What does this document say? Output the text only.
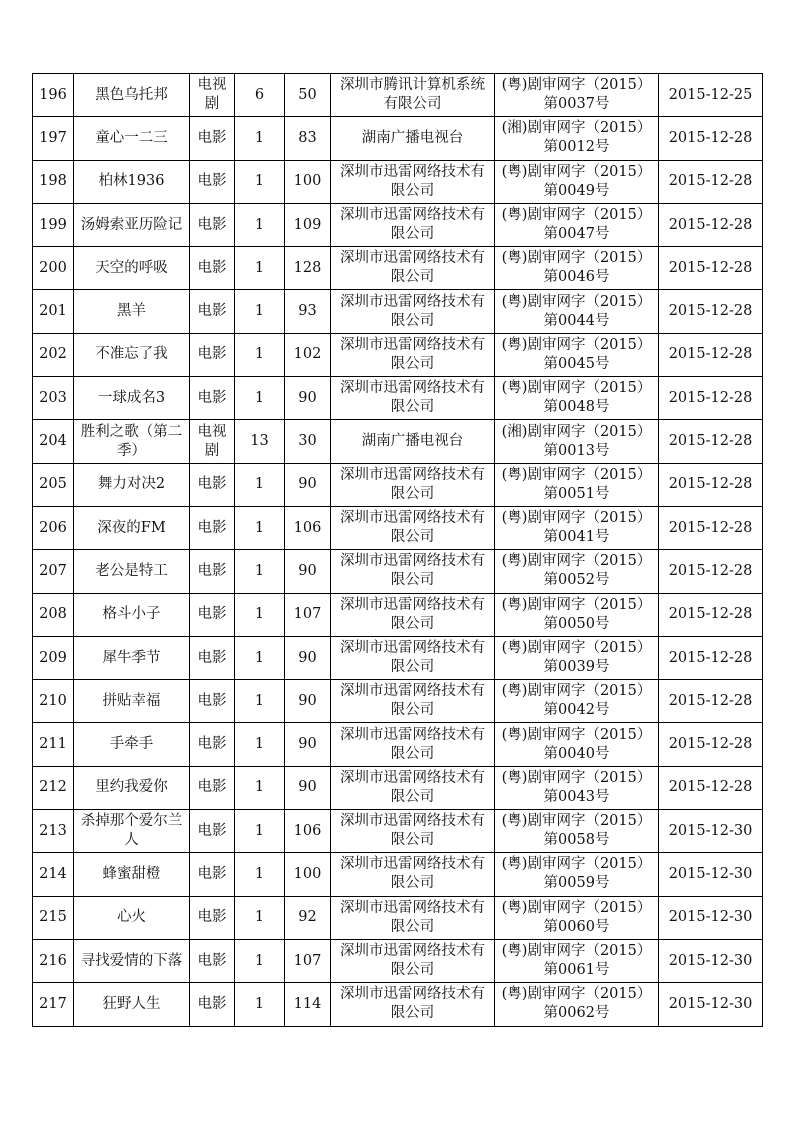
196	黑色乌托邦	电视剧	6	50	深圳市腾讯计算机系统有限公司	(粤)剧审网字（2015）第0037号	2015-12-25
197	童心一二三	电影	1	83	湖南广播电视台	(湘)剧审网字（2015）第0012号	2015-12-28
198	柏林1936	电影	1	100	深圳市迅雷网络技术有限公司	(粤)剧审网字（2015）第0049号	2015-12-28
199	汤姆索亚历险记	电影	1	109	深圳市迅雷网络技术有限公司	(粤)剧审网字（2015）第0047号	2015-12-28
200	天空的呼吸	电影	1	128	深圳市迅雷网络技术有限公司	(粤)剧审网字（2015）第0046号	2015-12-28
201	黑羊	电影	1	93	深圳市迅雷网络技术有限公司	(粤)剧审网字（2015）第0044号	2015-12-28
202	不准忘了我	电影	1	102	深圳市迅雷网络技术有限公司	(粤)剧审网字（2015）第0045号	2015-12-28
203	一球成名3	电影	1	90	深圳市迅雷网络技术有限公司	(粤)剧审网字（2015）第0048号	2015-12-28
204	胜利之歌（第二季）	电视剧	13	30	湖南广播电视台	(湘)剧审网字（2015）第0013号	2015-12-28
205	舞力对决2	电影	1	90	深圳市迅雷网络技术有限公司	(粤)剧审网字（2015）第0051号	2015-12-28
206	深夜的FM	电影	1	106	深圳市迅雷网络技术有限公司	(粤)剧审网字（2015）第0041号	2015-12-28
207	老公是特工	电影	1	90	深圳市迅雷网络技术有限公司	(粤)剧审网字（2015）第0052号	2015-12-28
208	格斗小子	电影	1	107	深圳市迅雷网络技术有限公司	(粤)剧审网字（2015）第0050号	2015-12-28
209	犀牛季节	电影	1	90	深圳市迅雷网络技术有限公司	(粤)剧审网字（2015）第0039号	2015-12-28
210	拼贴幸福	电影	1	90	深圳市迅雷网络技术有限公司	(粤)剧审网字（2015）第0042号	2015-12-28
211	手牵手	电影	1	90	深圳市迅雷网络技术有限公司	(粤)剧审网字（2015）第0040号	2015-12-28
212	里约我爱你	电影	1	90	深圳市迅雷网络技术有限公司	(粤)剧审网字（2015）第0043号	2015-12-28
213	杀掉那个爱尔兰人	电影	1	106	深圳市迅雷网络技术有限公司	(粤)剧审网字（2015）第0058号	2015-12-30
214	蜂蜜甜橙	电影	1	100	深圳市迅雷网络技术有限公司	(粤)剧审网字（2015）第0059号	2015-12-30
215	心火	电影	1	92	深圳市迅雷网络技术有限公司	(粤)剧审网字（2015）第0060号	2015-12-30
216	寻找爱情的下落	电影	1	107	深圳市迅雷网络技术有限公司	(粤)剧审网字（2015）第0061号	2015-12-30
217	狂野人生	电影	1	114	深圳市迅雷网络技术有限公司	(粤)剧审网字（2015）第0062号	2015-12-30
